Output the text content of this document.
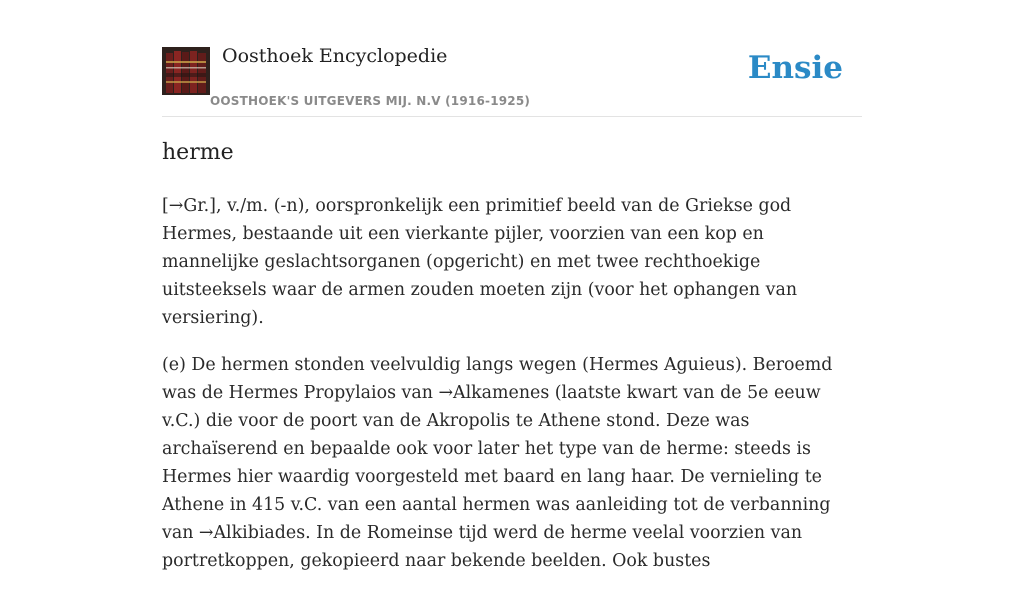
Oosthoek Encyclopedie
OOSTHOEK'S UITGEVERS MIJ. N.V (1916-1925)
Ensie
herme

[→Gr.], v./m. (-n), oorspronkelijk een primitief beeld van de Griekse god Hermes, bestaande uit een vierkante pijler, voorzien van een kop en mannelijke geslachtsorganen (opgericht) en met twee rechthoekige uitsteeksels waar de armen zouden moeten zijn (voor het ophangen van versiering).

(e) De hermen stonden veelvuldig langs wegen (Hermes Aguieus). Beroemd was de Hermes Propylaios van →Alkamenes (laatste kwart van de 5e eeuw v.C.) die voor de poort van de Akropolis te Athene stond. Deze was archaïserend en bepaalde ook voor later het type van de herme: steeds is Hermes hier waardig voorgesteld met baard en lang haar. De vernieling te Athene in 415 v.C. van een aantal hermen was aanleiding tot de verbanning van →Alkibiades. In de Romeinse tijd werd de herme veelal voorzien van portretkoppen, gekopieerd naar bekende beelden. Ook bustes
